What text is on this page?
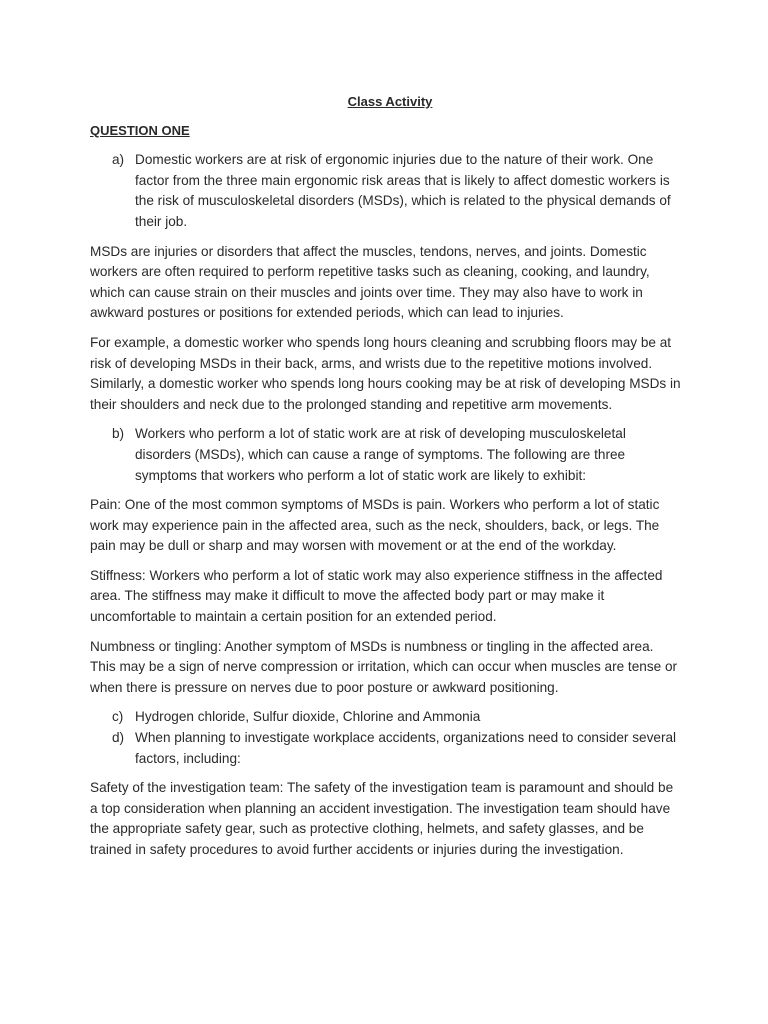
Class Activity
QUESTION ONE
a) Domestic workers are at risk of ergonomic injuries due to the nature of their work. One factor from the three main ergonomic risk areas that is likely to affect domestic workers is the risk of musculoskeletal disorders (MSDs), which is related to the physical demands of their job.

MSDs are injuries or disorders that affect the muscles, tendons, nerves, and joints. Domestic workers are often required to perform repetitive tasks such as cleaning, cooking, and laundry, which can cause strain on their muscles and joints over time. They may also have to work in awkward postures or positions for extended periods, which can lead to injuries.

For example, a domestic worker who spends long hours cleaning and scrubbing floors may be at risk of developing MSDs in their back, arms, and wrists due to the repetitive motions involved. Similarly, a domestic worker who spends long hours cooking may be at risk of developing MSDs in their shoulders and neck due to the prolonged standing and repetitive arm movements.

b) Workers who perform a lot of static work are at risk of developing musculoskeletal disorders (MSDs), which can cause a range of symptoms. The following are three symptoms that workers who perform a lot of static work are likely to exhibit:

Pain: One of the most common symptoms of MSDs is pain. Workers who perform a lot of static work may experience pain in the affected area, such as the neck, shoulders, back, or legs. The pain may be dull or sharp and may worsen with movement or at the end of the workday.

Stiffness: Workers who perform a lot of static work may also experience stiffness in the affected area. The stiffness may make it difficult to move the affected body part or may make it uncomfortable to maintain a certain position for an extended period.

Numbness or tingling: Another symptom of MSDs is numbness or tingling in the affected area. This may be a sign of nerve compression or irritation, which can occur when muscles are tense or when there is pressure on nerves due to poor posture or awkward positioning.

c) Hydrogen chloride, Sulfur dioxide, Chlorine and Ammonia
d) When planning to investigate workplace accidents, organizations need to consider several factors, including:

Safety of the investigation team: The safety of the investigation team is paramount and should be a top consideration when planning an accident investigation. The investigation team should have the appropriate safety gear, such as protective clothing, helmets, and safety glasses, and be trained in safety procedures to avoid further accidents or injuries during the investigation.
